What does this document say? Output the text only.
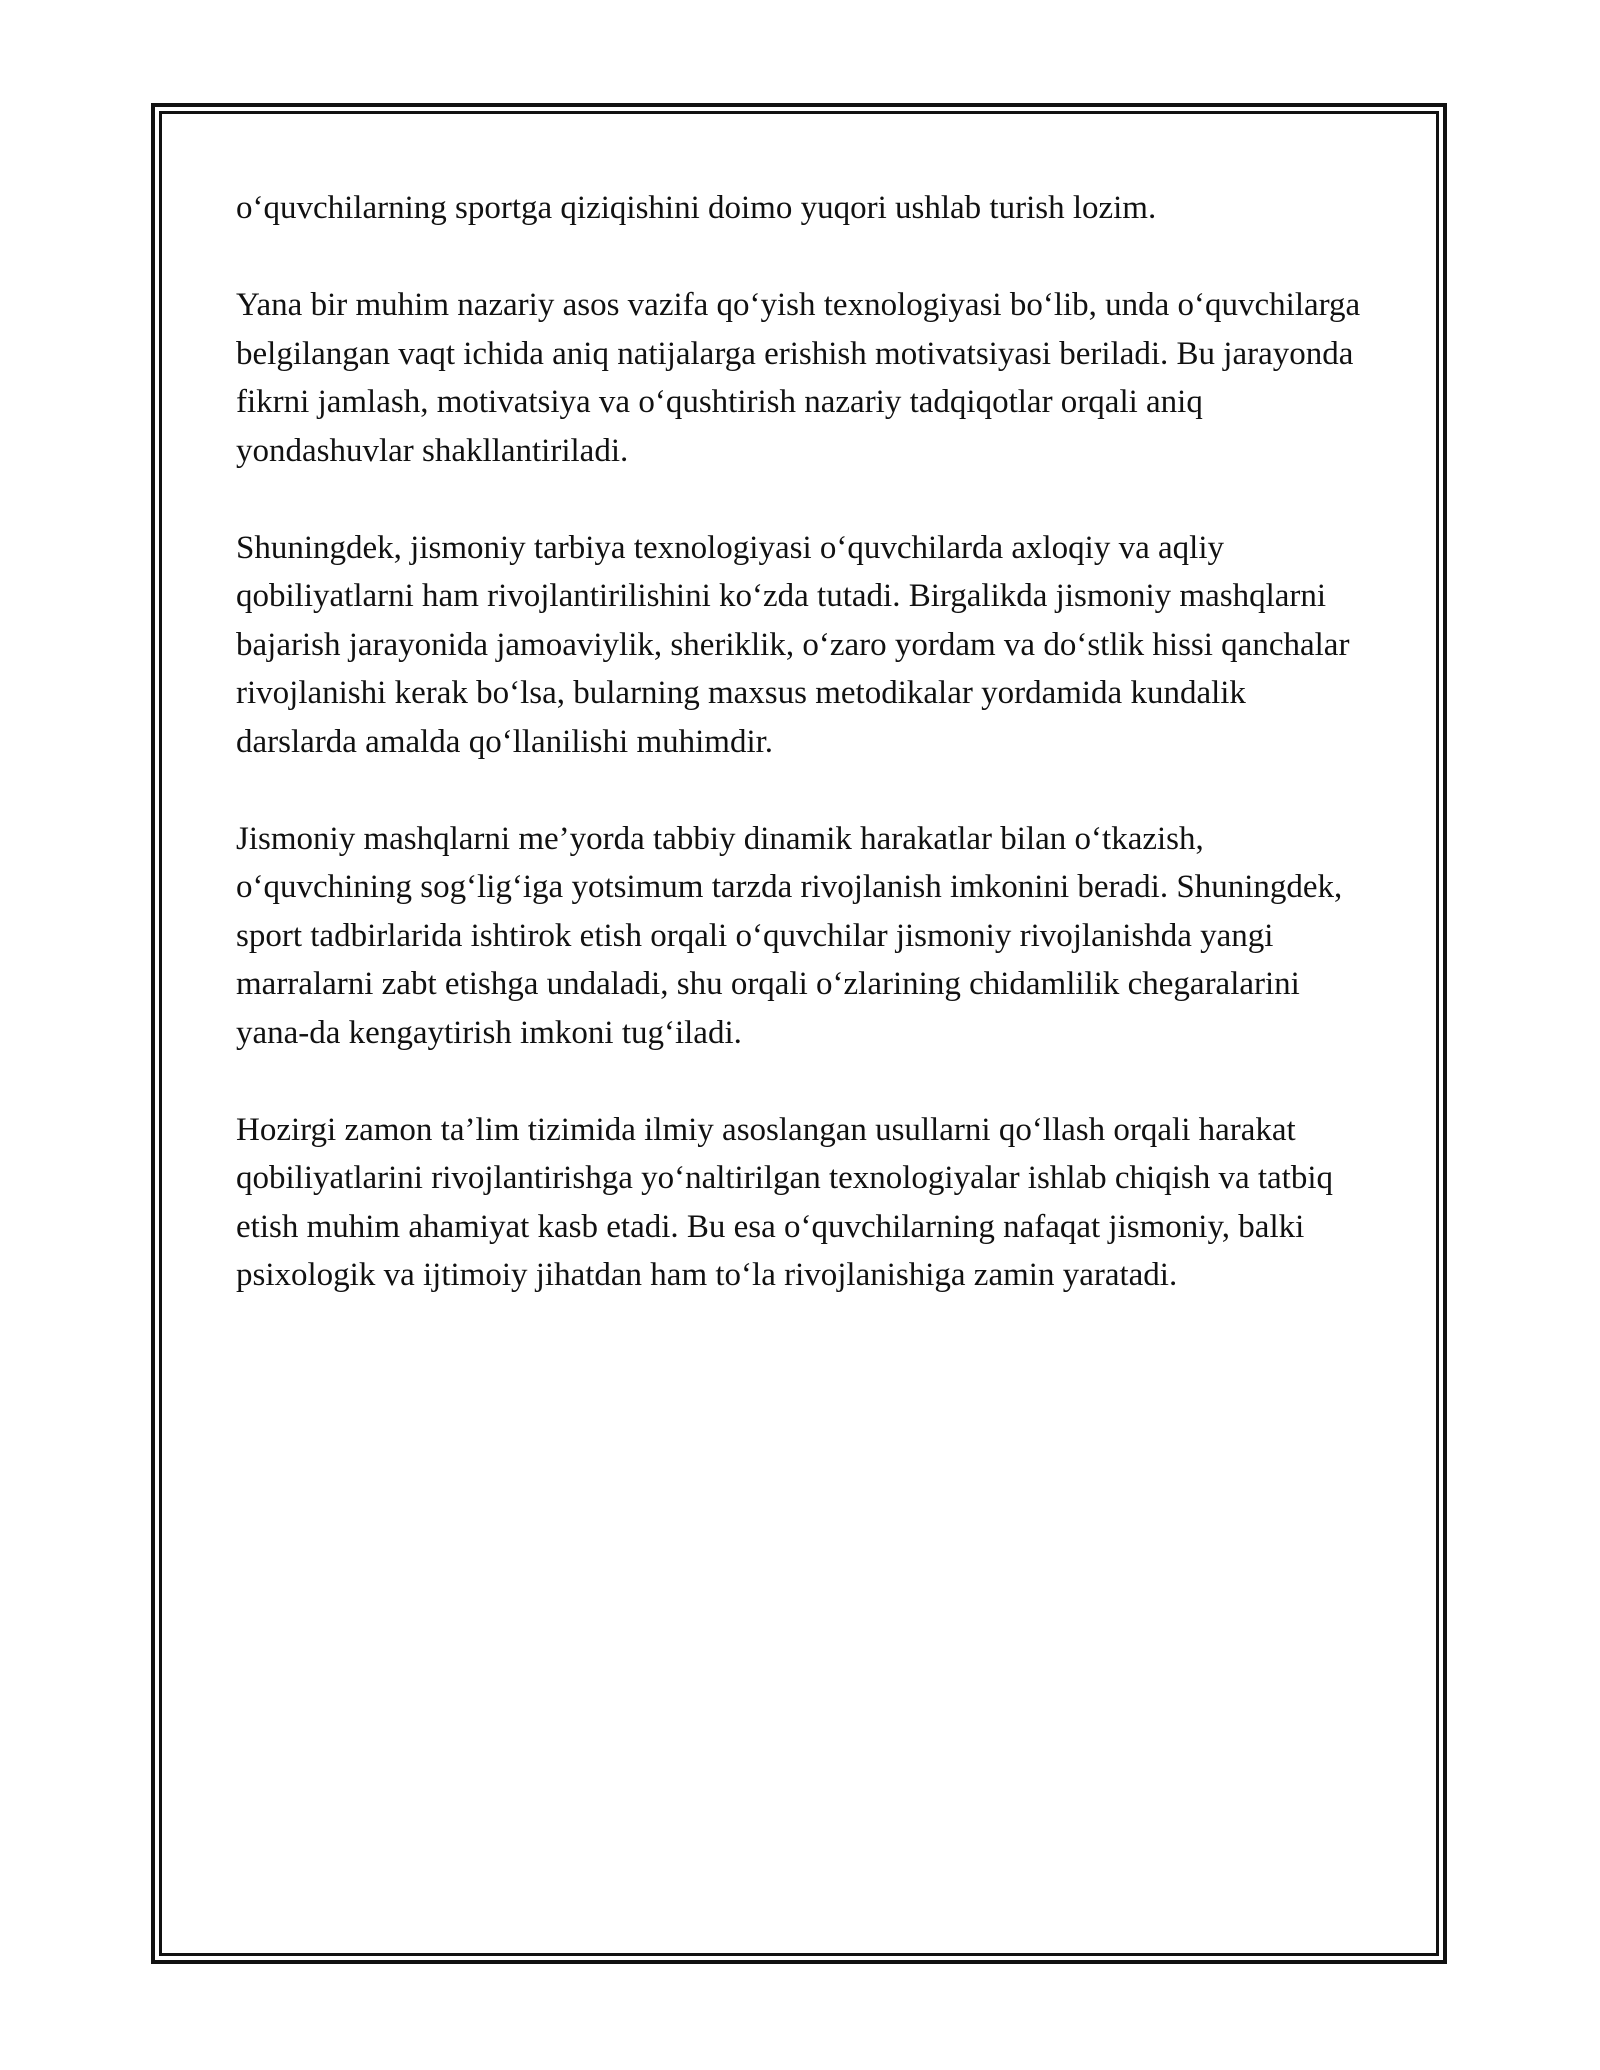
o‘quvchilarning sportga qiziqishini doimo yuqori ushlab turish lozim.

Yana bir muhim nazariy asos vazifa qo‘yish texnologiyasi bo‘lib, unda o‘quvchilarga belgilangan vaqt ichida aniq natijalarga erishish motivatsiyasi beriladi. Bu jarayonda fikrni jamlash, motivatsiya va o‘qushtirish nazariy tadqiqotlar orqali aniq yondashuvlar shakllantiriladi.

Shuningdek, jismoniy tarbiya texnologiyasi o‘quvchilarda axloqiy va aqliy qobiliyatlarni ham rivojlantirilishini ko‘zda tutadi. Birgalikda jismoniy mashqlarni bajarish jarayonida jamoaviylik, sheriklik, o‘zaro yordam va do‘stlik hissi qanchalar rivojlanishi kerak bo‘lsa, bularning maxsus metodikalar yordamida kundalik darslarda amalda qo‘llanilishi muhimdir.

Jismoniy mashqlarni me’yorda tabbiy dinamik harakatlar bilan o‘tkazish, o‘quvchining sog‘lig‘iga yotsimum tarzda rivojlanish imkonini beradi. Shuningdek, sport tadbirlarida ishtirok etish orqali o‘quvchilar jismoniy rivojlanishda yangi marralarni zabt etishga undaladi, shu orqali o‘zlarining chidamlilik chegaralarini yana-da kengaytirish imkoni tug‘iladi.

Hozirgi zamon ta’lim tizimida ilmiy asoslangan usullarni qo‘llash orqali harakat qobiliyatlarini rivojlantirishga yo‘naltirilgan texnologiyalar ishlab chiqish va tatbiq etish muhim ahamiyat kasb etadi. Bu esa o‘quvchilarning nafaqat jismoniy, balki psixologik va ijtimoiy jihatdan ham to‘la rivojlanishiga zamin yaratadi.
